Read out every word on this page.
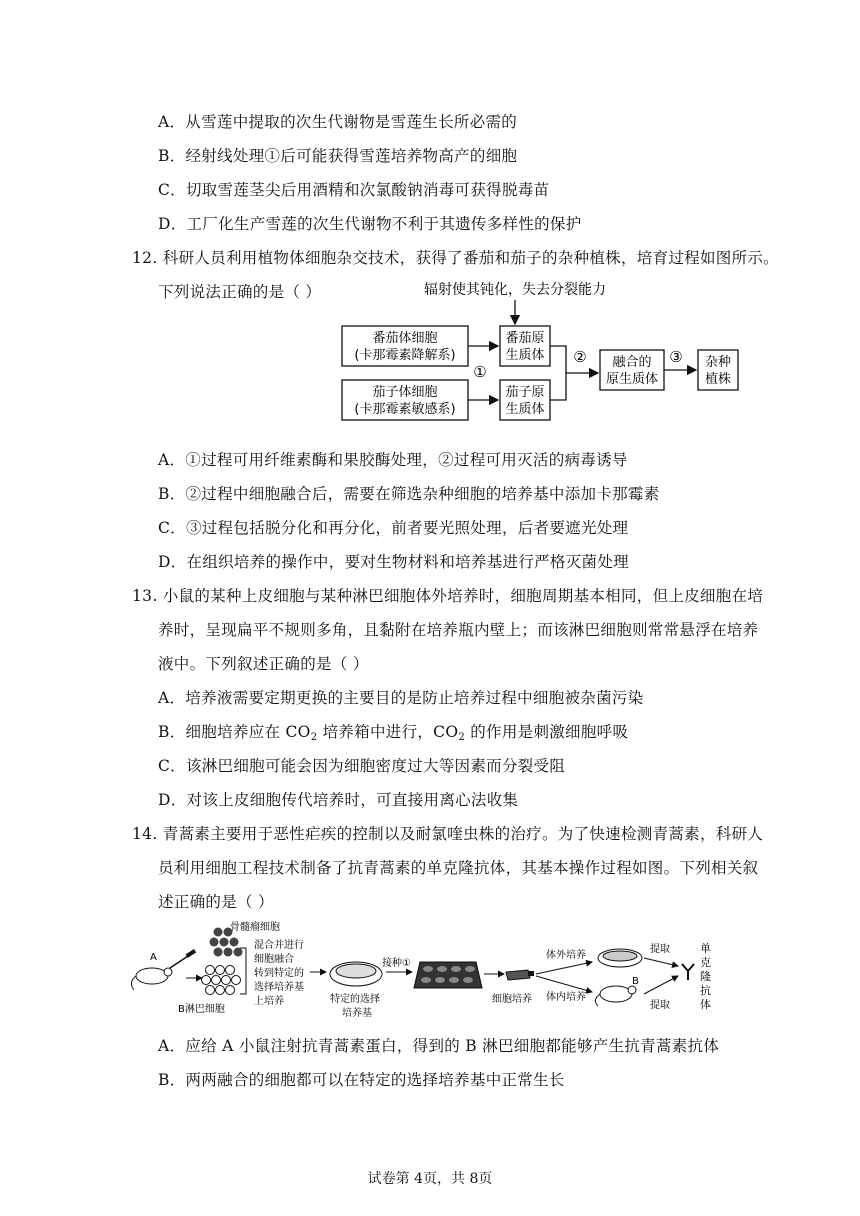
A．从雪莲中提取的次生代谢物是雪莲生长所必需的
B．经射线处理①后可能获得雪莲培养物高产的细胞
C．切取雪莲茎尖后用酒精和次氯酸钠消毒可获得脱毒苗
D．工厂化生产雪莲的次生代谢物不利于其遗传多样性的保护
12. 科研人员利用植物体细胞杂交技术，获得了番茄和茄子的杂种植株，培育过程如图所示。
下列说法正确的是（ ）	辐射使其钝化，失去分裂能力
番茄体细胞
(卡那霉素降解系)
茄子体细胞
(卡那霉素敏感系)
①
番茄原
生质体
茄子原
生质体
② 融合的
原生质体
③ 杂种
植株
A．①过程可用纤维素酶和果胶酶处理，②过程可用灭活的病毒诱导
B．②过程中细胞融合后，需要在筛选杂种细胞的培养基中添加卡那霉素
C．③过程包括脱分化和再分化，前者要光照处理，后者要遮光处理
D．在组织培养的操作中，要对生物材料和培养基进行严格灭菌处理
13. 小鼠的某种上皮细胞与某种淋巴细胞体外培养时，细胞周期基本相同，但上皮细胞在培
养时，呈现扁平不规则多角，且黏附在培养瓶内壁上；而该淋巴细胞则常常悬浮在培养
液中。下列叙述正确的是（ ）
A．培养液需要定期更换的主要目的是防止培养过程中细胞被杂菌污染
B．细胞培养应在 $CO_2$ 培养箱中进行，$CO_2$ 的作用是刺激细胞呼吸
C．该淋巴细胞可能会因为细胞密度过大等因素而分裂受阻
D．对该上皮细胞传代培养时，可直接用离心法收集
14. 青蒿素主要用于恶性疟疾的控制以及耐氯喹虫株的治疗。为了快速检测青蒿素，科研人
员利用细胞工程技术制备了抗青蒿素的单克隆抗体，其基本操作过程如图。下列相关叙
述正确的是（ ）
骨髓瘤细胞
A
B淋巴细胞
混合并进行
细胞融合
转到特定的
选择培养基
上培养	特定的选择
培养基
接种①
细胞培养
体外培养
体内培养
B
提取
提取
单
克
隆
抗
体
A．应给 A 小鼠注射抗青蒿素蛋白，得到的 B 淋巴细胞都能够产生抗青蒿素抗体
B．两两融合的细胞都可以在特定的选择培养基中正常生长
试卷第 4页，共 8页
